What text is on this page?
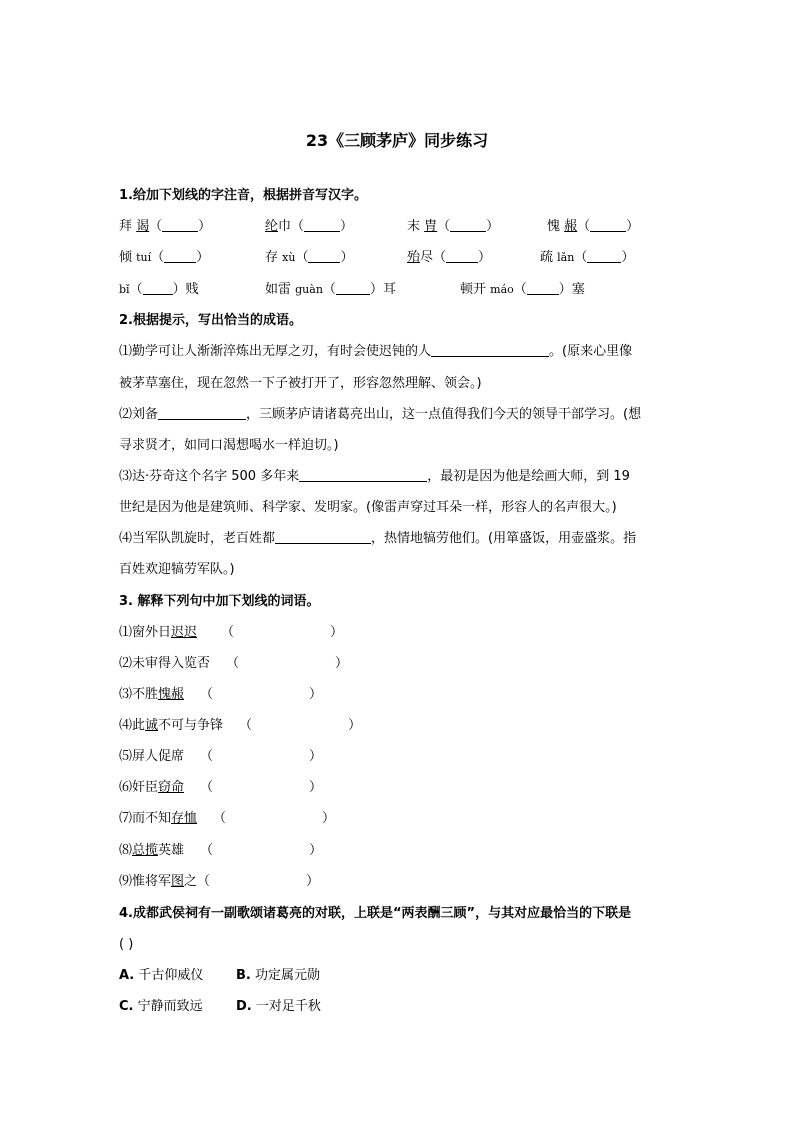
23《三顾茅庐》同步练习
1.给加下划线的字注音，根据拼音写汉字。
拜 谒（	）	纶巾（	）	末 胄（	）	愧 赧（	）
倾 tuí（ ）	存 xù（ ）	殆尽（ ）	疏 lǎn（	）
bǐ（ ）贱	如雷 guàn（	）耳	顿开 máo（ ）塞
2.根据提示，写出恰当的成语。
⑴勤学可让人渐渐淬炼出无厚之刃，有时会使迟钝的人	。(原来心里像
被茅草塞住，现在忽然一下子被打开了，形容忽然理解、领会。)
⑵刘备	，三顾茅庐请诸葛亮出山，这一点值得我们今天的领导干部学习。(想
寻求贤才，如同口渴想喝水一样迫切。)
⑶达·芬奇这个名字 500 多年来	，最初是因为他是绘画大师，到 19
世纪是因为他是建筑师、科学家、发明家。(像雷声穿过耳朵一样，形容人的名声很大。)
⑷当军队凯旋时，老百姓都	，热情地犒劳他们。(用箪盛饭，用壶盛浆。指
百姓欢迎犒劳军队。)
3. 解释下列句中加下划线的词语。
⑴窗外日迟迟 （	）
⑵未审得入览否 （	）
⑶不胜愧赧 （	）
⑷此诚不可与争锋 （	）
⑸屏人促席 （	）
⑹奸臣窃命 （	）
⑺而不知存恤 （	）
⑻总揽英雄 （	）
⑼惟将军图之（	）
4.成都武侯祠有一副歌颂诸葛亮的对联，上联是“两表酬三顾”，与其对应最恰当的下联是
( )
A. 千古仰威仪	B. 功定属元勋
C. 宁静而致远	D. 一对足千秋
